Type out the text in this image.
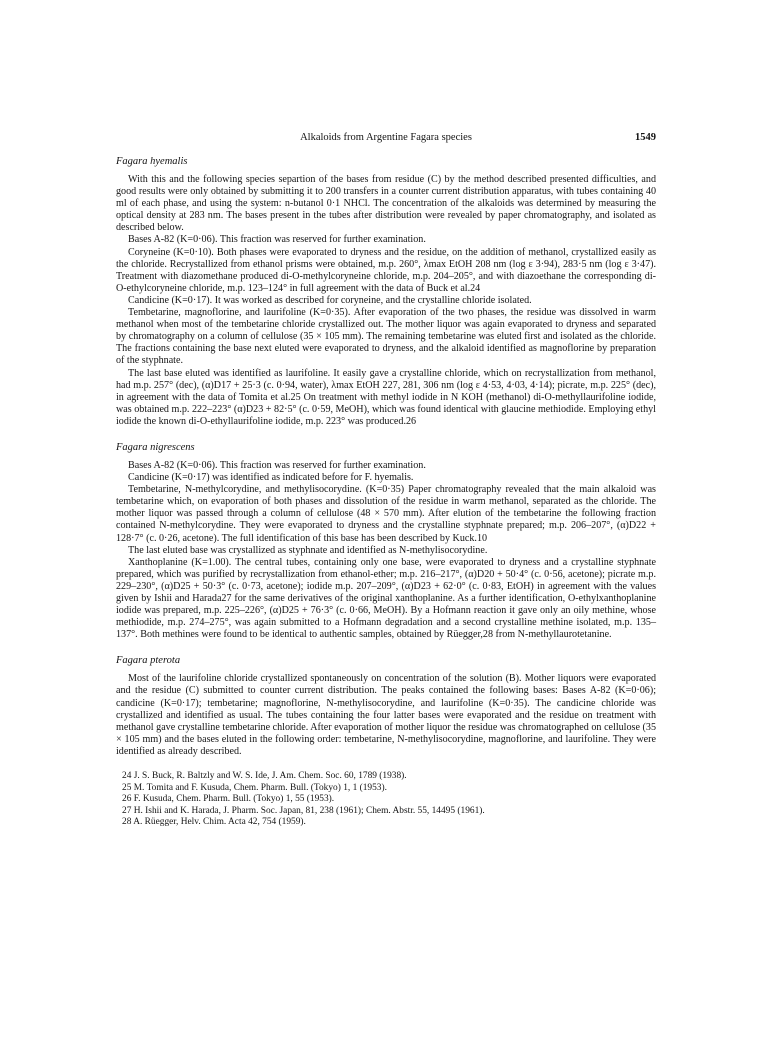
Alkaloids from Argentine Fagara species	1549
Fagara hyemalis

With this and the following species separtion of the bases from residue (C) by the method described presented difficulties, and good results were only obtained by submitting it to 200 transfers in a counter current distribution apparatus, with tubes containing 40 ml of each phase, and using the system: n-butanol 0·1 NHCl. The concentration of the alkaloids was determined by measuring the optical density at 283 nm. The bases present in the tubes after distribution were revealed by paper chromatography, and isolated as described below.

Bases A-82 (K=0·06). This fraction was reserved for further examination.

Coryneine (K=0·10). Both phases were evaporated to dryness and the residue, on the addition of methanol, crystallized easily as the chloride. Recrystallized from ethanol prisms were obtained, m.p. 260°, λmax EtOH 208 nm (log ε 3·94), 283·5 nm (log ε 3·47). Treatment with diazomethane produced di-O-methylcoryneine chloride, m.p. 204–205°, and with diazoethane the corresponding di-O-ethylcoryneine chloride, m.p. 123–124° in full agreement with the data of Buck et al.24

Candicine (K=0·17). It was worked as described for coryneine, and the crystalline chloride isolated.

Tembetarine, magnoflorine, and laurifoline (K=0·35). After evaporation of the two phases, the residue was dissolved in warm methanol when most of the tembetarine chloride crystallized out. The mother liquor was again evaporated to dryness and separated by chromatography on a column of cellulose (35 × 105 mm). The remaining tembetarine was eluted first and isolated as the chloride. The fractions containing the base next eluted were evaporated to dryness, and the alkaloid identified as magnoflorine by preparation of the styphnate.

The last base eluted was identified as laurifoline. It easily gave a crystalline chloride, which on recrystallization from methanol, had m.p. 257° (dec), (α)D17 + 25·3 (c. 0·94, water), λmax EtOH 227, 281, 306 nm (log ε 4·53, 4·03, 4·14); picrate, m.p. 225° (dec), in agreement with the data of Tomita et al.25 On treatment with methyl iodide in N KOH (methanol) di-O-methyllaurifoline iodide, was obtained m.p. 222–223° (α)D23 + 82·5° (c. 0·59, MeOH), which was found identical with glaucine methiodide. Employing ethyl iodide the known di-O-ethyllaurifoline iodide, m.p. 223° was produced.26

Fagara nigrescens

Bases A-82 (K=0·06). This fraction was reserved for further examination.

Candicine (K=0·17) was identified as indicated before for F. hyemalis.

Tembetarine, N-methylcorydine, and methylisocorydine. (K=0·35) Paper chromatography revealed that the main alkaloid was tembetarine which, on evaporation of both phases and dissolution of the residue in warm methanol, separated as the chloride. The mother liquor was passed through a column of cellulose (48 × 570 mm). After elution of the tembetarine the following fraction contained N-methylcorydine. They were evaporated to dryness and the crystalline styphnate prepared; m.p. 206–207°, (α)D22 + 128·7° (c. 0·26, acetone). The full identification of this base has been described by Kuck.10

The last eluted base was crystallized as styphnate and identified as N-methylisocorydine.

Xanthoplanine (K=1.00). The central tubes, containing only one base, were evaporated to dryness and a crystalline styphnate prepared, which was purified by recrystallization from ethanol-ether; m.p. 216–217°, (α)D20 + 50·4° (c. 0·56, acetone); picrate m.p. 229–230°, (α)D25 + 50·3° (c. 0·73, acetone); iodide m.p. 207–209°, (α)D23 + 62·0° (c. 0·83, EtOH) in agreement with the values given by Ishii and Harada27 for the same derivatives of the original xanthoplanine. As a further identification, O-ethylxanthoplanine iodide was prepared, m.p. 225–226°, (α)D25 + 76·3° (c. 0·66, MeOH). By a Hofmann reaction it gave only an oily methine, whose methiodide, m.p. 274–275°, was again submitted to a Hofmann degradation and a second crystalline methine isolated, m.p. 135–137°. Both methines were found to be identical to authentic samples, obtained by Rüegger,28 from N-methyllaurotetanine.

Fagara pterota

Most of the laurifoline chloride crystallized spontaneously on concentration of the solution (B). Mother liquors were evaporated and the residue (C) submitted to counter current distribution. The peaks contained the following bases: Bases A-82 (K=0·06); candicine (K=0·17); tembetarine; magnoflorine, N-methylisocorydine, and laurifoline (K=0·35). The candicine chloride was crystallized and identified as usual. The tubes containing the four latter bases were evaporated and the residue on treatment with methanol gave crystalline tembetarine chloride. After evaporation of mother liquor the residue was chromatographed on cellulose (35 × 105 mm) and the bases eluted in the following order: tembetarine, N-methylisocorydine, magnoflorine, and laurifoline. They were identified as already described.

24 J. S. Buck, R. Baltzly and W. S. Ide, J. Am. Chem. Soc. 60, 1789 (1938).
25 M. Tomita and F. Kusuda, Chem. Pharm. Bull. (Tokyo) 1, 1 (1953).
26 F. Kusuda, Chem. Pharm. Bull. (Tokyo) 1, 55 (1953).
27 H. Ishii and K. Harada, J. Pharm. Soc. Japan, 81, 238 (1961); Chem. Abstr. 55, 14495 (1961).
28 A. Rüegger, Helv. Chim. Acta 42, 754 (1959).
